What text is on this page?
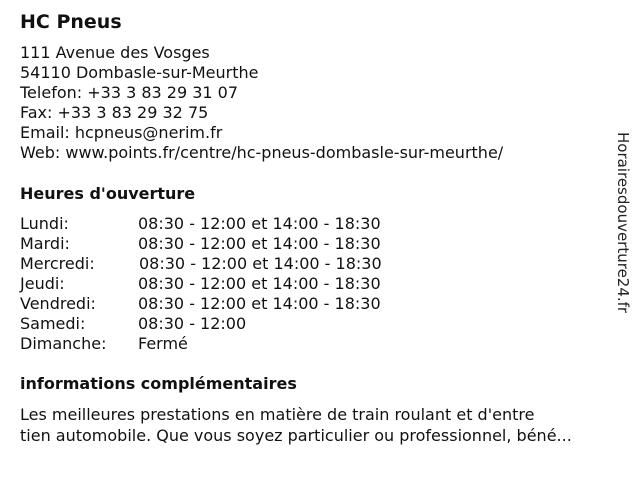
HC Pneus
111 Avenue des Vosges
54110 Dombasle-sur-Meurthe
Telefon: +33 3 83 29 31 07
Fax: +33 3 83 29 32 75
Email: hcpneus@nerim.fr
Web: www.points.fr/centre/hc-pneus-dombasle-sur-meurthe/
Heures d'ouverture
Lundi:	08:30 - 12:00 et 14:00 - 18:30
Mardi:	08:30 - 12:00 et 14:00 - 18:30
Mercredi:	08:30 - 12:00 et 14:00 - 18:30
Jeudi:	08:30 - 12:00 et 14:00 - 18:30
Vendredi:	08:30 - 12:00 et 14:00 - 18:30
Samedi:	08:30 - 12:00
Dimanche: Fermé
informations complémentaires

Les meilleures prestations en matière de train roulant et d'entre
tien automobile. Que vous soyez particulier ou professionnel, béné...

Horairesdouverture24.fr
